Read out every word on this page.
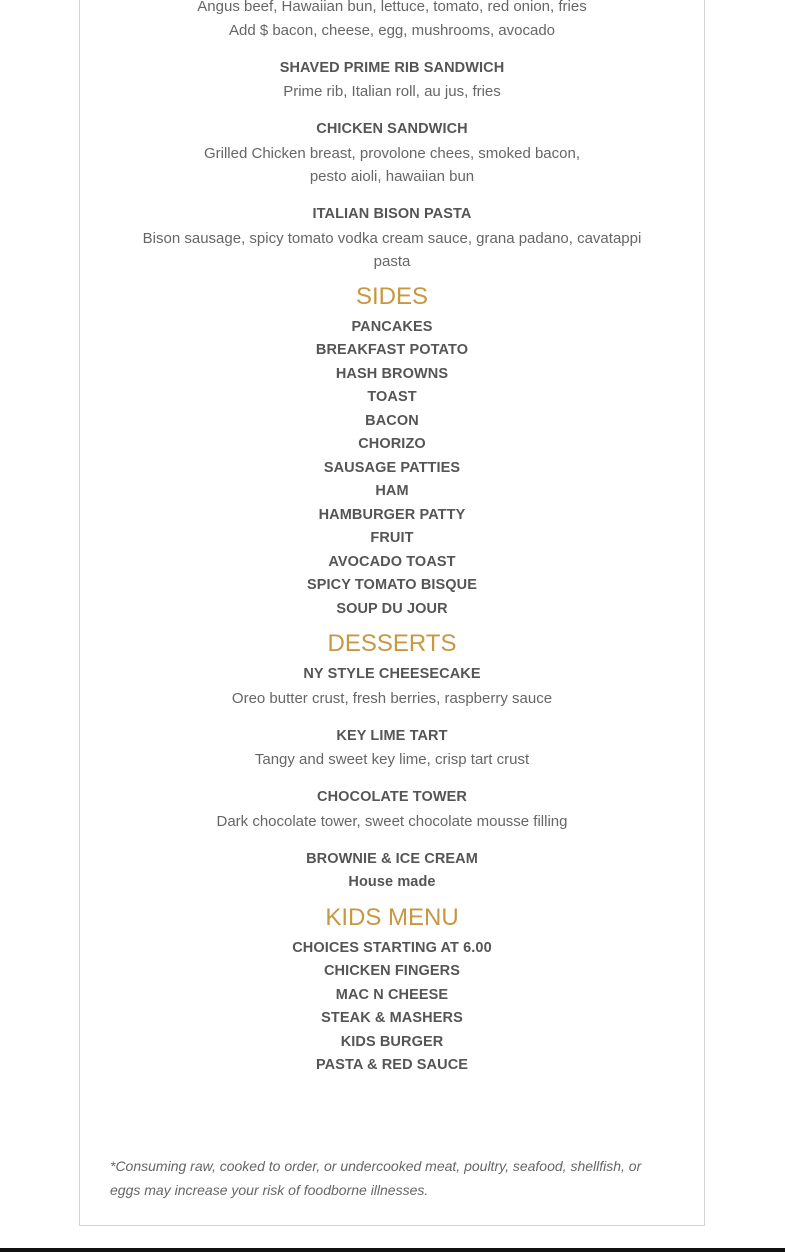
Angus beef, Hawaiian bun, lettuce, tomato, red onion, fries
Add $ bacon, cheese, egg, mushrooms, avocado
SHAVED PRIME RIB SANDWICH
Prime rib, Italian roll, au jus, fries
CHICKEN SANDWICH
Grilled Chicken breast, provolone chees, smoked bacon,
pesto aioli, hawaiian bun
ITALIAN BISON PASTA
Bison sausage, spicy tomato vodka cream sauce, grana padano, cavatappi
pasta
SIDES
PANCAKES
BREAKFAST POTATO
HASH BROWNS
TOAST
BACON
CHORIZO
SAUSAGE PATTIES
HAM
HAMBURGER PATTY
FRUIT
AVOCADO TOAST
SPICY TOMATO BISQUE
SOUP DU JOUR
DESSERTS
NY STYLE CHEESECAKE
Oreo butter crust, fresh berries, raspberry sauce
KEY LIME TART
Tangy and sweet key lime, crisp tart crust
CHOCOLATE TOWER
Dark chocolate tower, sweet chocolate mousse filling
BROWNIE & ICE CREAM
House made
KIDS MENU
CHOICES STARTING AT 6.00
CHICKEN FINGERS
MAC N CHEESE
STEAK & MASHERS
KIDS BURGER
PASTA & RED SAUCE
*Consuming raw, cooked to order, or undercooked meat, poultry, seafood, shellfish, or eggs may increase your risk of foodborne illnesses.
